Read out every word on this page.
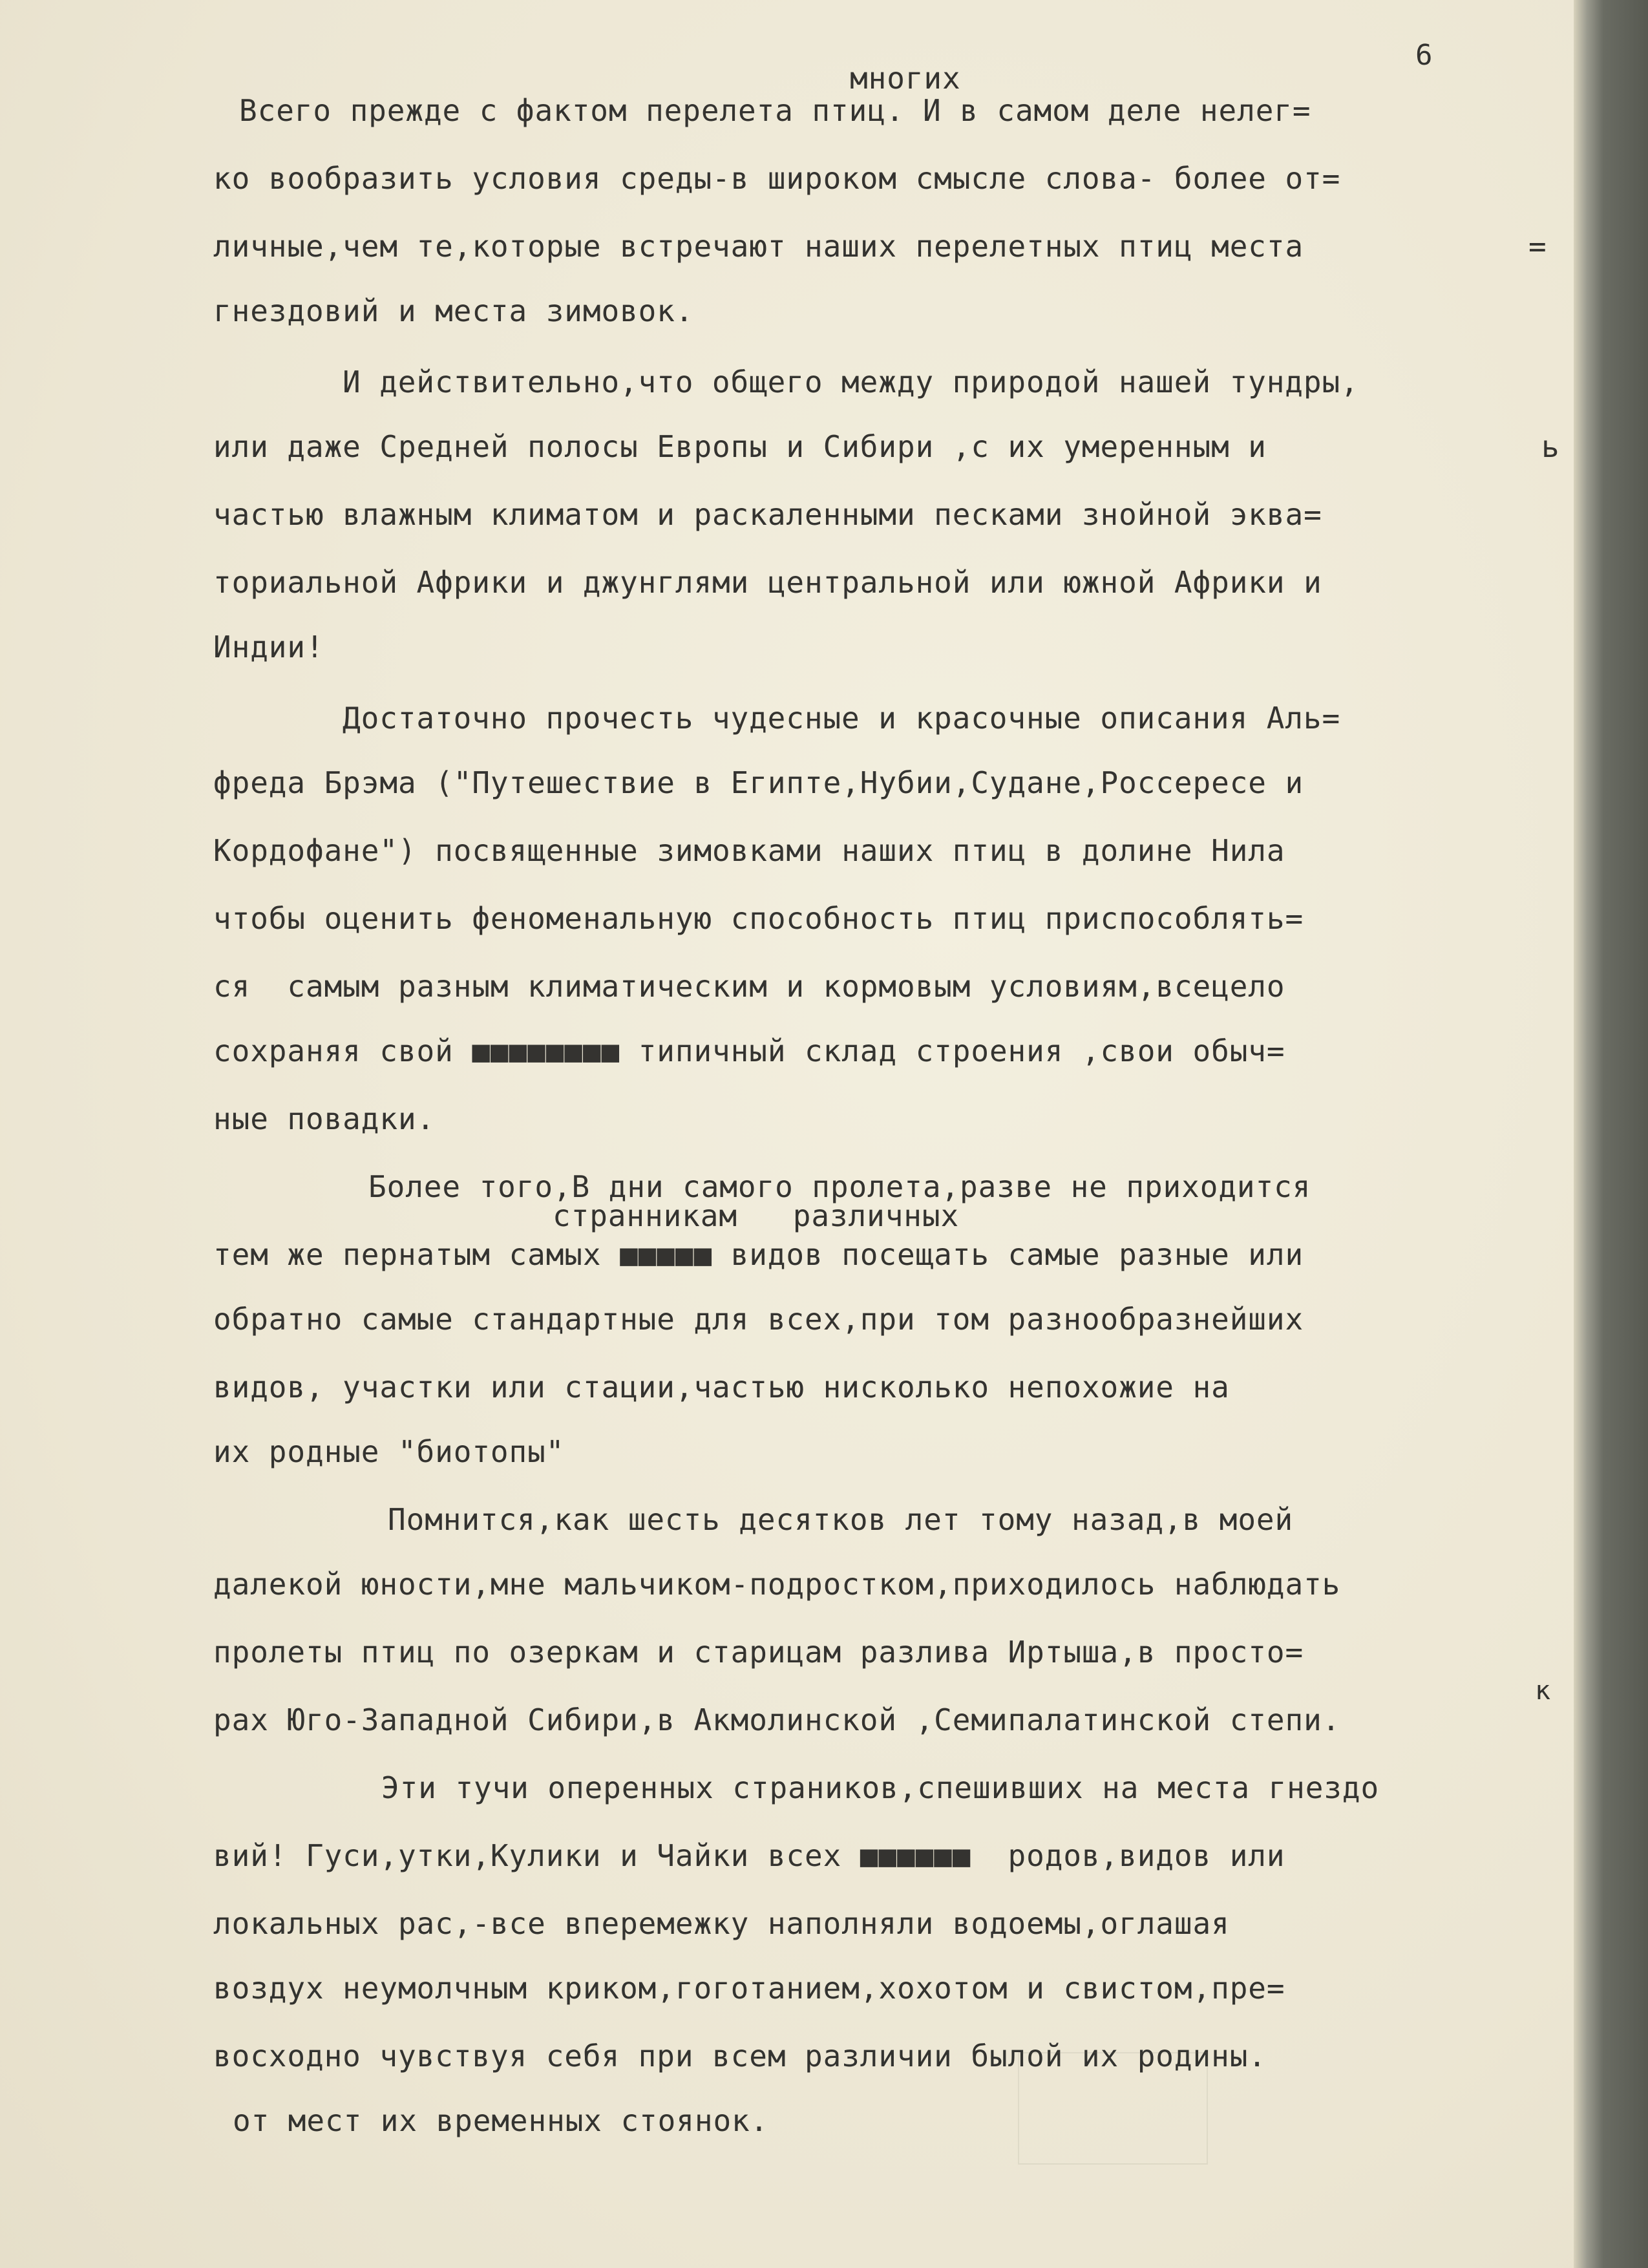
6
многих
Всего прежде с фактом перелета птиц. И в самом деле нелег=
ко вообразить условия среды-в широком смысле слова- более от=
личные,чем те,которые встречают наших перелетных птиц места	=
гнездовий и места зимовок.
И действительно,что общего между природой нашей тундры,
или даже Средней полосы Европы и Сибири ,с их умеренным и	ь
частью влажным климатом и раскаленными песками знойной эква=
ториальной Африки и джунглями центральной или южной Африки и
Индии!
Достаточно прочесть чудесные и красочные описания Аль=
фреда Брэма ("Путешествие в Египте,Нубии,Судане,Россересе и
Кордофане") посвященные зимовками наших птиц в долине Нила
чтобы оценить феноменальную способность птиц приспособлять=
ся  самым разным климатическим и кормовым условиям,всецело
сохраняя свой ■■■■■■■■ типичный склад строения ,свои обыч=
ные повадки.
Более того,В дни самого пролета,разве не приходится
странникам   различных
тем же пернатым самых ■■■■■ видов посещать самые разные или
обратно самые стандартные для всех,при том разнообразнейших
видов, участки или стации,частью нисколько непохожие на
их родные "биотопы"
Помнится,как шесть десятков лет тому назад,в моей
далекой юности,мне мальчиком-подростком,приходилось наблюдать
пролеты птиц по озеркам и старицам разлива Иртыша,в просто=
к
рах Юго-Западной Сибири,в Акмолинской ,Семипалатинской степи.
Эти тучи оперенных страников,спешивших на места гнездо
вий! Гуси,утки,Кулики и Чайки всех ■■■■■■  родов,видов или
локальных рас,-все вперемежку наполняли водоемы,оглашая
воздух неумолчным криком,гоготанием,хохотом и свистом,пре=
восходно чувствуя себя при всем различии былой их родины.
от мест их временных стоянок.
